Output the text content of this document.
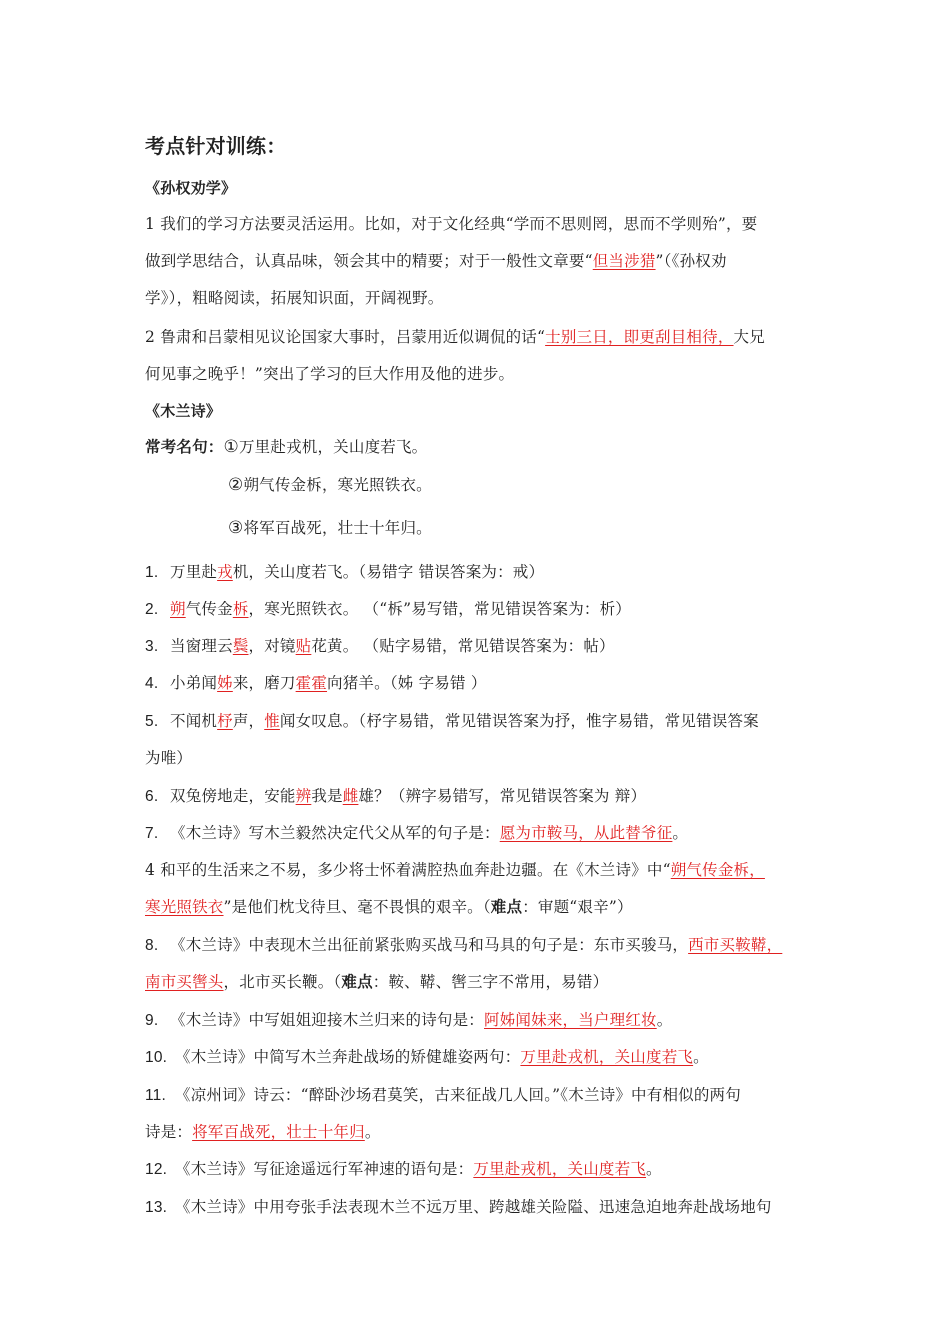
考点针对训练：
《孙权劝学》
1 我们的学习方法要灵活运用。比如，对于文化经典“学而不思则罔，思而不学则殆”，要
做到学思结合，认真品味，领会其中的精要；对于一般性文章要“但当涉猎”（《孙权劝
学》），粗略阅读，拓展知识面，开阔视野。
2 鲁肃和吕蒙相见议论国家大事时，吕蒙用近似调侃的话“士别三日，即更刮目相待，大兄
何见事之晚乎！”突出了学习的巨大作用及他的进步。
《木兰诗》
常考名句：①万里赴戎机，关山度若飞。
②朔气传金柝，寒光照铁衣。
③将军百战死，壮士十年归。
1. 万里赴戎机，关山度若飞。（易错字 错误答案为：戒）
2. 朔气传金柝，寒光照铁衣。 （“柝”易写错，常见错误答案为：析）
3. 当窗理云鬓，对镜贴花黄。 （贴字易错，常见错误答案为：帖）
4. 小弟闻姊来，磨刀霍霍向猪羊。（姊 字易错 ）
5. 不闻机杼声，惟闻女叹息。（杼字易错，常见错误答案为抒，惟字易错，常见错误答案
为唯）
6. 双兔傍地走，安能辨我是雌雄？（辨字易错写，常见错误答案为 辩）
7. 《木兰诗》写木兰毅然决定代父从军的句子是：愿为市鞍马，从此替爷征。
4 和平的生活来之不易，多少将士怀着满腔热血奔赴边疆。在《木兰诗》中“朔气传金柝，
寒光照铁衣”是他们枕戈待旦、毫不畏惧的艰辛。（难点：审题“艰辛”）
8. 《木兰诗》中表现木兰出征前紧张购买战马和马具的句子是：东市买骏马，西市买鞍鞯，
南市买辔头，北市买长鞭。（难点：鞍、鞯、辔三字不常用，易错）
9. 《木兰诗》中写姐姐迎接木兰归来的诗句是：阿姊闻妹来，当户理红妆。
10. 《木兰诗》中简写木兰奔赴战场的矫健雄姿两句：万里赴戎机，关山度若飞。
11. 《凉州词》诗云：“醉卧沙场君莫笑，古来征战几人回。”《木兰诗》中有相似的两句
诗是：将军百战死，壮士十年归。
12. 《木兰诗》写征途遥远行军神速的语句是：万里赴戎机，关山度若飞。
13. 《木兰诗》中用夸张手法表现木兰不远万里、跨越雄关险隘、迅速急迫地奔赴战场地句
